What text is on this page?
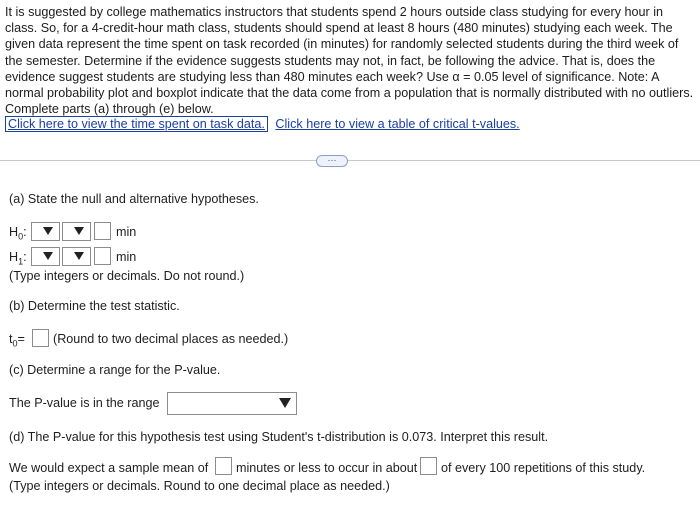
It is suggested by college mathematics instructors that students spend 2 hours outside class studying for every hour in class. So, for a 4-credit-hour math class, students should spend at least 8 hours (480 minutes) studying each week. The given data represent the time spent on task recorded (in minutes) for randomly selected students during the third week of the semester. Determine if the evidence suggests students may not, in fact, be following the advice. That is, does the evidence suggest students are studying less than 480 minutes each week? Use α = 0.05 level of significance. Note: A normal probability plot and boxplot indicate that the data come from a population that is normally distributed with no outliers. Complete parts (a) through (e) below.
Click here to view the time spent on task data. Click here to view a table of critical t-values.
⋯
(a) State the null and alternative hypotheses.
$H_0$:	min
$H_1$:	min
(Type integers or decimals. Do not round.)
(b) Determine the test statistic.
$t_0=$ (Round to two decimal places as needed.)
(c) Determine a range for the P-value.
The P-value is in the range
(d) The P-value for this hypothesis test using Student's t-distribution is 0.073. Interpret this result.
We would expect a sample mean of minutes or less to occur in about of every 100 repetitions of this study.
(Type integers or decimals. Round to one decimal place as needed.)
